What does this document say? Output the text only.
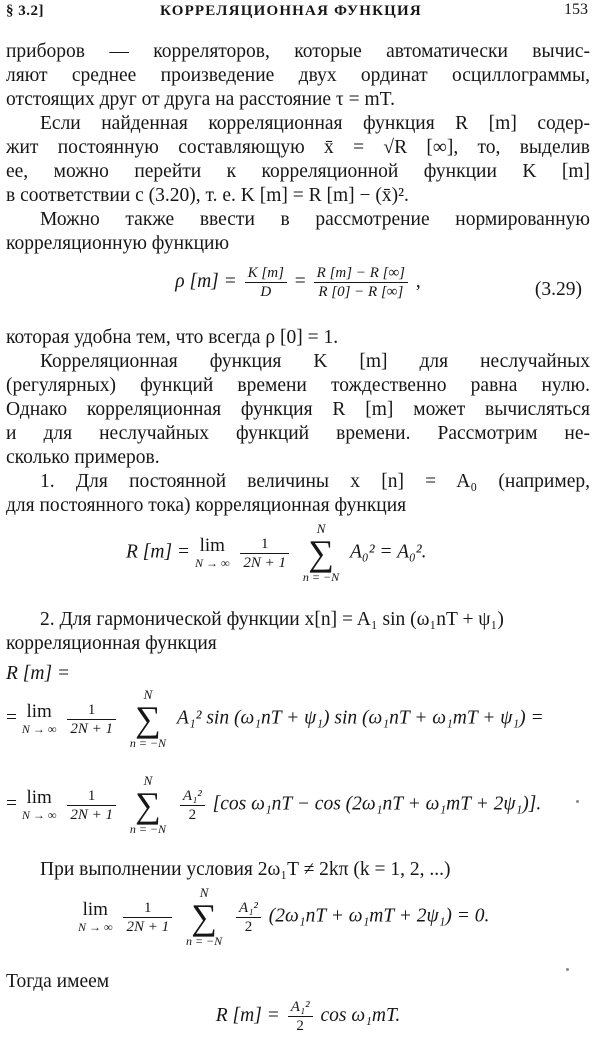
§ 3.2]	КОРРЕЛЯЦИОННАЯ ФУНКЦИЯ	153
приборов — корреляторов, которые автоматически вычис-
ляют среднее произведение двух ординат осциллограммы,
отстоящих друг от друга на расстояние τ = mT.
Если найденная корреляционная функция R [m] содер-
жит постоянную составляющую x̄ = √R [∞], то, выделив
ее, можно перейти к корреляционной функции K [m]
в соответствии с (3.20), т. е. K [m] = R [m] − (x̄)².
Можно также ввести в рассмотрение нормированную
корреляционную функцию
ρ $[m] = \frac{K [m]}{D} = \frac{R [m] - R [\infty]}{R [0] - R [\infty]}$ ,	(3.29)
которая удобна тем, что всегда ρ [0] = 1.
Корреляционная функция K [m] для неслучайных
(регулярных) функций времени тождественно равна нулю.
Однако корреляционная функция R [m] может вычисляться
и для неслучайных функций времени. Рассмотрим не-
сколько примеров.
1. Для постоянной величины x [n] = A₀ (например,
для постоянного тока) корреляционная функция
R [m] = lim
N → ∞
$\frac{1}{2N + 1}$

N
∑
n = −N
A₀² = A₀².
2. Для гармонической функции x[n] = A₁ sin (ω₁nT + ψ₁)
корреляционная функция
R [m] =
= lim
N → ∞
$\frac{1}{2N + 1}$

N
∑
n = −N
A₁² sin (ω₁nT + ψ₁) sin (ω₁nT + ω₁mT + ψ₁) =
= lim
N → ∞
$\frac{1}{2N + 1}$

N
∑
n = −N

$\frac{\text{A₁²}}{2} [\cos$ ω₁nT − cos (2ω₁nT + ω₁mT + 2ψ₁)].
При выполнении условия 2ω₁T ≠ 2kπ (k = 1, 2, ...)
lim
N → ∞
$\frac{1}{2N + 1}$

N
∑
n = −N

$\frac{\text{A₁²}}{2} (2\omega_1nT + \omega_1mT + 2\psi_1) = 0$.
Тогда имеем
R $[m] = \frac{\text{A₁²}}{2}$ cos ω₁mT.
